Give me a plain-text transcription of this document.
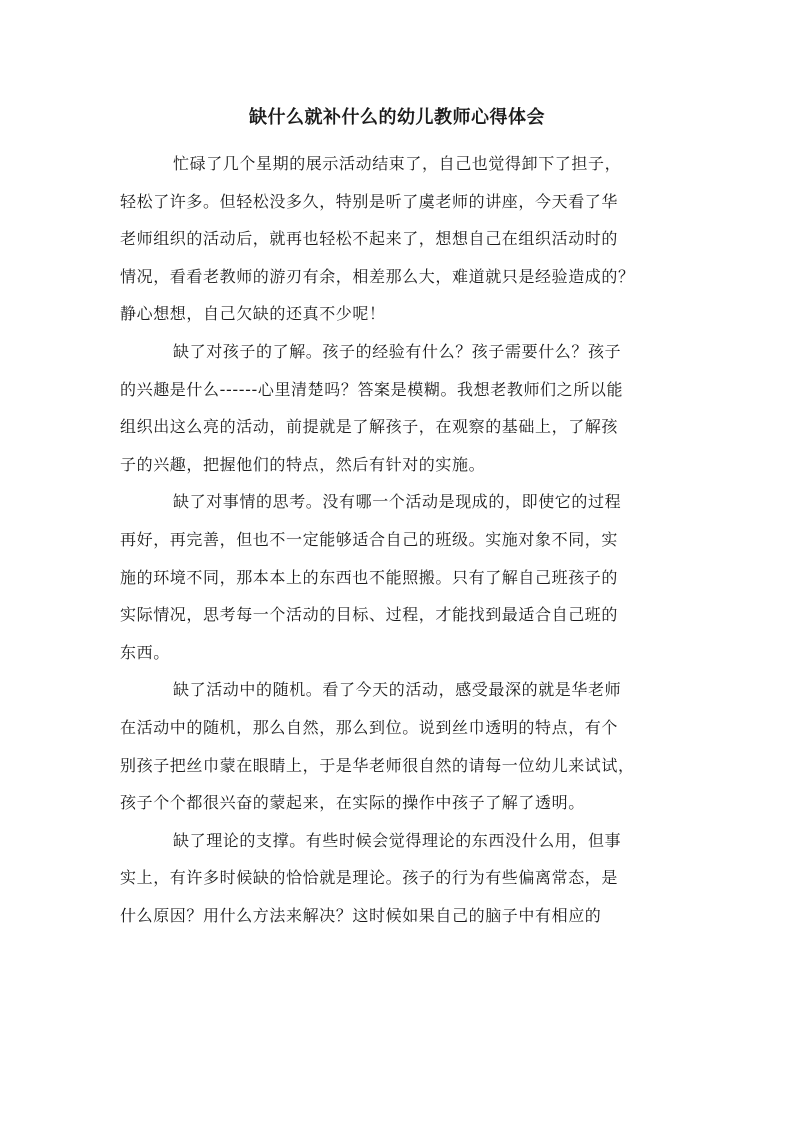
缺什么就补什么的幼儿教师心得体会
忙碌了几个星期的展示活动结束了，自己也觉得卸下了担子，
轻松了许多。但轻松没多久，特别是听了虞老师的讲座，今天看了华
老师组织的活动后，就再也轻松不起来了，想想自己在组织活动时的
情况，看看老教师的游刃有余，相差那么大，难道就只是经验造成的？
静心想想，自己欠缺的还真不少呢！
缺了对孩子的了解。孩子的经验有什么？孩子需要什么？孩子
的兴趣是什么------心里清楚吗？答案是模糊。我想老教师们之所以能
组织出这么亮的活动，前提就是了解孩子，在观察的基础上，了解孩
子的兴趣，把握他们的特点，然后有针对的实施。
缺了对事情的思考。没有哪一个活动是现成的，即使它的过程
再好，再完善，但也不一定能够适合自己的班级。实施对象不同，实
施的环境不同，那本本上的东西也不能照搬。只有了解自己班孩子的
实际情况，思考每一个活动的目标、过程，才能找到最适合自己班的
东西。
缺了活动中的随机。看了今天的活动，感受最深的就是华老师
在活动中的随机，那么自然，那么到位。说到丝巾透明的特点，有个
别孩子把丝巾蒙在眼睛上，于是华老师很自然的请每一位幼儿来试试，
孩子个个都很兴奋的蒙起来，在实际的操作中孩子了解了透明。
缺了理论的支撑。有些时候会觉得理论的东西没什么用，但事
实上，有许多时候缺的恰恰就是理论。孩子的行为有些偏离常态，是
什么原因？用什么方法来解决？这时候如果自己的脑子中有相应的
